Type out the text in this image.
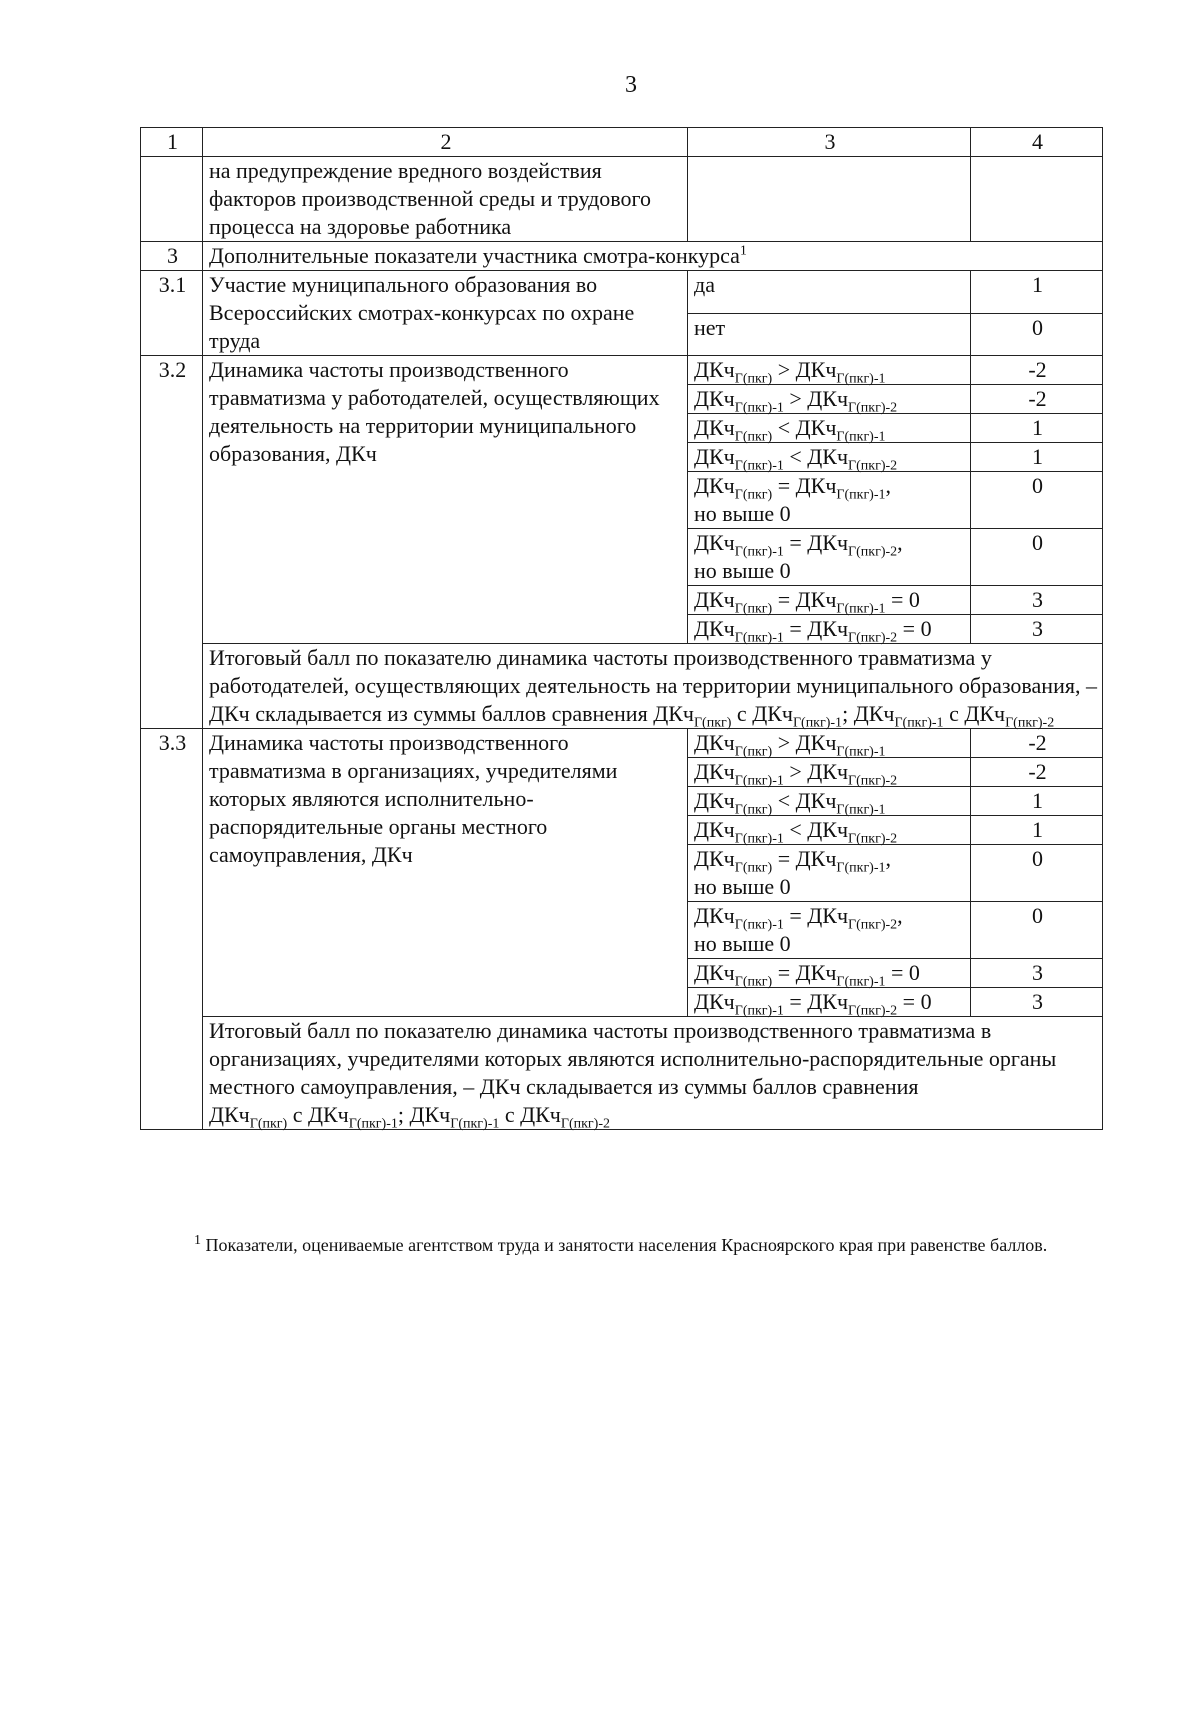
3
1	2	3	4
	на предупреждение вредного воздействия факторов производственной среды и трудового процесса на здоровье работника		
3	Дополнительные показатели участника смотра-конкурса$^1$
3.1	Участие муниципального образования во Всероссийских смотрах-конкурсах по охране труда	да	1
		нет	0
3.2	Динамика частоты производственного травматизма у работодателей, осуществляющих деятельность на территории муниципального образования, ДКч	ДКч$_{Г(пкг)}$ > ДКч$_{Г(пкг)-1}$	-2
		ДКч$_{Г(пкг)-1}$ > ДКч$_{Г(пкг)-2}$	-2
		ДКч$_{Г(пкг)}$ < ДКч$_{Г(пкг)-1}$	1
		ДКч$_{Г(пкг)-1}$ < ДКч$_{Г(пкг)-2}$	1
		ДКч$_{Г(пкг)}$ = ДКч$_{Г(пкг)-1}$,
но выше 0	0
		ДКч$_{Г(пкг)-1}$ = ДКч$_{Г(пкг)-2}$,
но выше 0	0
		ДКч$_{Г(пкг)}$ = ДКч$_{Г(пкг)-1}$ = 0	3
		ДКч$_{Г(пкг)-1}$ = ДКч$_{Г(пкг)-2}$ = 0	3
	Итоговый балл по показателю динамика частоты производственного травматизма у работодателей, осуществляющих деятельность на территории муниципального образования, – ДКч складывается из суммы баллов сравнения ДКч$_{Г(пкг)}$ с ДКч$_{Г(пкг)-1}$; ДКч$_{Г(пкг)-1}$ с ДКч$_{Г(пкг)-2}$
3.3	Динамика частоты производственного травматизма в организациях, учредителями которых являются исполнительно-распорядительные органы местного самоуправления, ДКч	ДКч$_{Г(пкг)}$ > ДКч$_{Г(пкг)-1}$	-2
		ДКч$_{Г(пкг)-1}$ > ДКч$_{Г(пкг)-2}$	-2
		ДКч$_{Г(пкг)}$ < ДКч$_{Г(пкг)-1}$	1
		ДКч$_{Г(пкг)-1}$ < ДКч$_{Г(пкг)-2}$	1
		ДКч$_{Г(пкг)}$ = ДКч$_{Г(пкг)-1}$,
но выше 0	0
		ДКч$_{Г(пкг)-1}$ = ДКч$_{Г(пкг)-2}$,
но выше 0	0
		ДКч$_{Г(пкг)}$ = ДКч$_{Г(пкг)-1}$ = 0	3
		ДКч$_{Г(пкг)-1}$ = ДКч$_{Г(пкг)-2}$ = 0	3
	Итоговый балл по показателю динамика частоты производственного травматизма в организациях, учредителями которых являются исполнительно-распорядительные органы местного самоуправления, – ДКч складывается из суммы баллов сравнения
ДКч$_{Г(пкг)}$ с ДКч$_{Г(пкг)-1}$; ДКч$_{Г(пкг)-1}$ с ДКч$_{Г(пкг)-2}$
$^1$ Показатели, оцениваемые агентством труда и занятости населения Красноярского края при равенстве баллов.
